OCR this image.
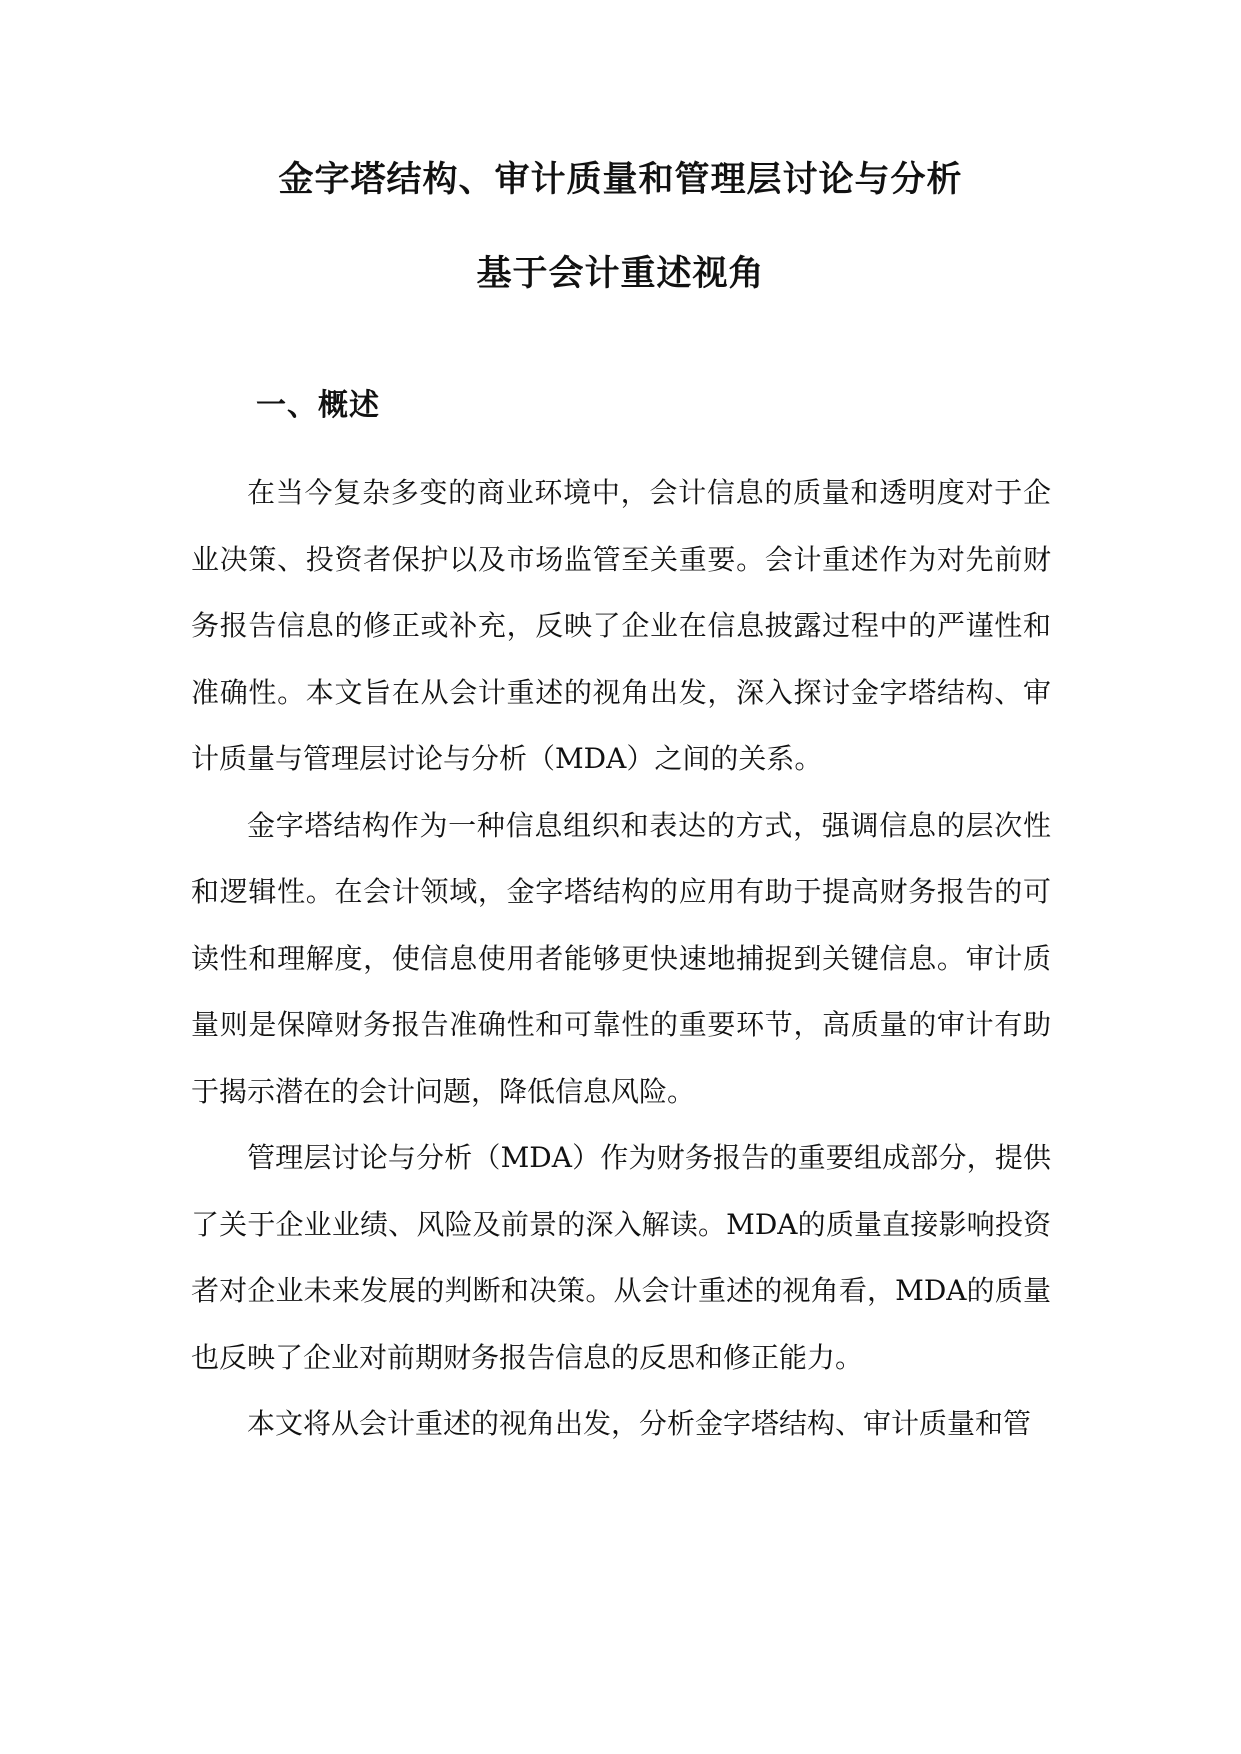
金字塔结构、审计质量和管理层讨论与分析
基于会计重述视角
一、概述

在当今复杂多变的商业环境中，会计信息的质量和透明度对于企业决策、投资者保护以及市场监管至关重要。会计重述作为对先前财务报告信息的修正或补充，反映了企业在信息披露过程中的严谨性和准确性。本文旨在从会计重述的视角出发，深入探讨金字塔结构、审计质量与管理层讨论与分析（MDA）之间的关系。

金字塔结构作为一种信息组织和表达的方式，强调信息的层次性和逻辑性。在会计领域，金字塔结构的应用有助于提高财务报告的可读性和理解度，使信息使用者能够更快速地捕捉到关键信息。审计质量则是保障财务报告准确性和可靠性的重要环节，高质量的审计有助于揭示潜在的会计问题，降低信息风险。

管理层讨论与分析（MDA）作为财务报告的重要组成部分，提供了关于企业业绩、风险及前景的深入解读。MDA的质量直接影响投资者对企业未来发展的判断和决策。从会计重述的视角看，MDA的质量也反映了企业对前期财务报告信息的反思和修正能力。

本文将从会计重述的视角出发，分析金字塔结构、审计质量和管
